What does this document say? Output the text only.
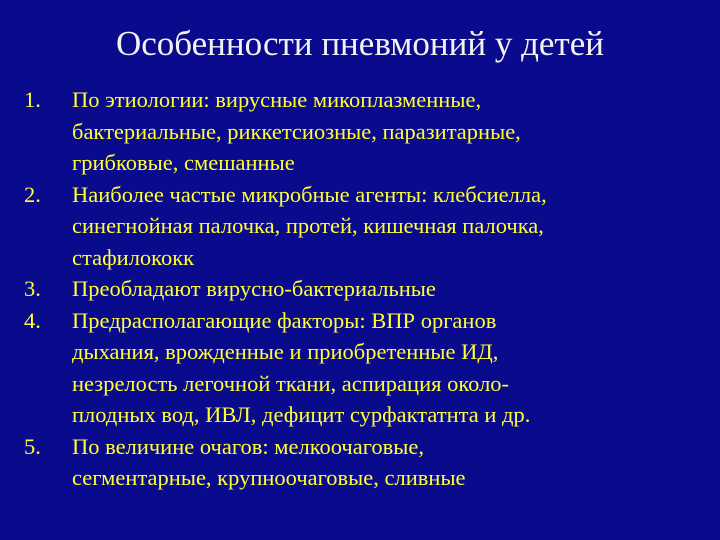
Особенности пневмоний у детей
1.	По этиологии: вирусные микоплазменные,
бактериальные, риккетсиозные, паразитарные,
грибковые, смешанные
2.	Наиболее частые микробные агенты: клебсиелла,
синегнойная палочка, протей, кишечная палочка,
стафилококк
3.	Преобладают вирусно-бактериальные
4.	Предрасполагающие факторы: ВПР органов
дыхания, врожденные и приобретенные ИД,
незрелость легочной ткани, аспирация около-
плодных вод, ИВЛ, дефицит сурфактатнта и др.
5.	По величине очагов: мелкоочаговые,
сегментарные, крупноочаговые, сливные
